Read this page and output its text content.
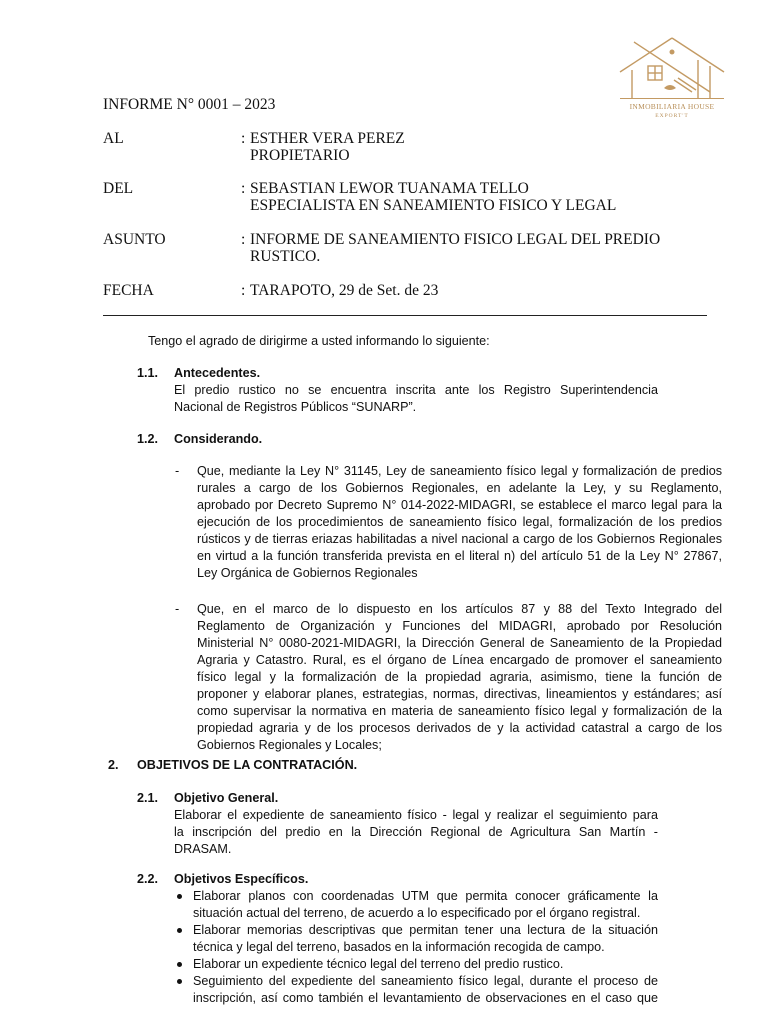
INMOBILIARIA HOUSE
EXPORT'T
INFORME N° 0001 – 2023
AL	: ESTHER VERA PEREZ
PROPIETARIO
DEL	: SEBASTIAN LEWOR TUANAMA TELLO
ESPECIALISTA EN SANEAMIENTO FISICO Y LEGAL
ASUNTO	: INFORME DE SANEAMIENTO FISICO LEGAL DEL PREDIO
RUSTICO.
FECHA	: TARAPOTO, 29 de Set. de 23
Tengo el agrado de dirigirme a usted informando lo siguiente:
1.1. Antecedentes.
El predio rustico no se encuentra inscrita ante los Registro Superintendencia
Nacional de Registros Públicos “SUNARP”.
1.2. Considerando.
- Que, mediante la Ley N° 31145, Ley de saneamiento físico legal y formalización de predios
rurales a cargo de los Gobiernos Regionales, en adelante la Ley, y su Reglamento,
aprobado por Decreto Supremo N° 014-2022-MIDAGRI, se establece el marco legal para la
ejecución de los procedimientos de saneamiento físico legal, formalización de los predios
rústicos y de tierras eriazas habilitadas a nivel nacional a cargo de los Gobiernos Regionales
en virtud a la función transferida prevista en el literal n) del artículo 51 de la Ley N° 27867,
Ley Orgánica de Gobiernos Regionales
- Que, en el marco de lo dispuesto en los artículos 87 y 88 del Texto Integrado del
Reglamento de Organización y Funciones del MIDAGRI, aprobado por Resolución
Ministerial N° 0080-2021-MIDAGRI, la Dirección General de Saneamiento de la Propiedad
Agraria y Catastro. Rural, es el órgano de Línea encargado de promover el saneamiento
físico legal y la formalización de la propiedad agraria, asimismo, tiene la función de
proponer y elaborar planes, estrategias, normas, directivas, lineamientos y estándares; así
como supervisar la normativa en materia de saneamiento físico legal y formalización de la
propiedad agraria y de los procesos derivados de y la actividad catastral a cargo de los
Gobiernos Regionales y Locales;
2. OBJETIVOS DE LA CONTRATACIÓN.
2.1. Objetivo General.
Elaborar el expediente de saneamiento físico - legal y realizar el seguimiento para
la inscripción del predio en la Dirección Regional de Agricultura San Martín -
DRASAM.
2.2. Objetivos Específicos.
Elaborar planos con coordenadas UTM que permita conocer gráficamente la
situación actual del terreno, de acuerdo a lo especificado por el órgano registral.
Elaborar memorias descriptivas que permitan tener una lectura de la situación
técnica y legal del terreno, basados en la información recogida de campo.
Elaborar un expediente técnico legal del terreno del predio rustico.
Seguimiento del expediente del saneamiento físico legal, durante el proceso de
inscripción, así como también el levantamiento de observaciones en el caso que
